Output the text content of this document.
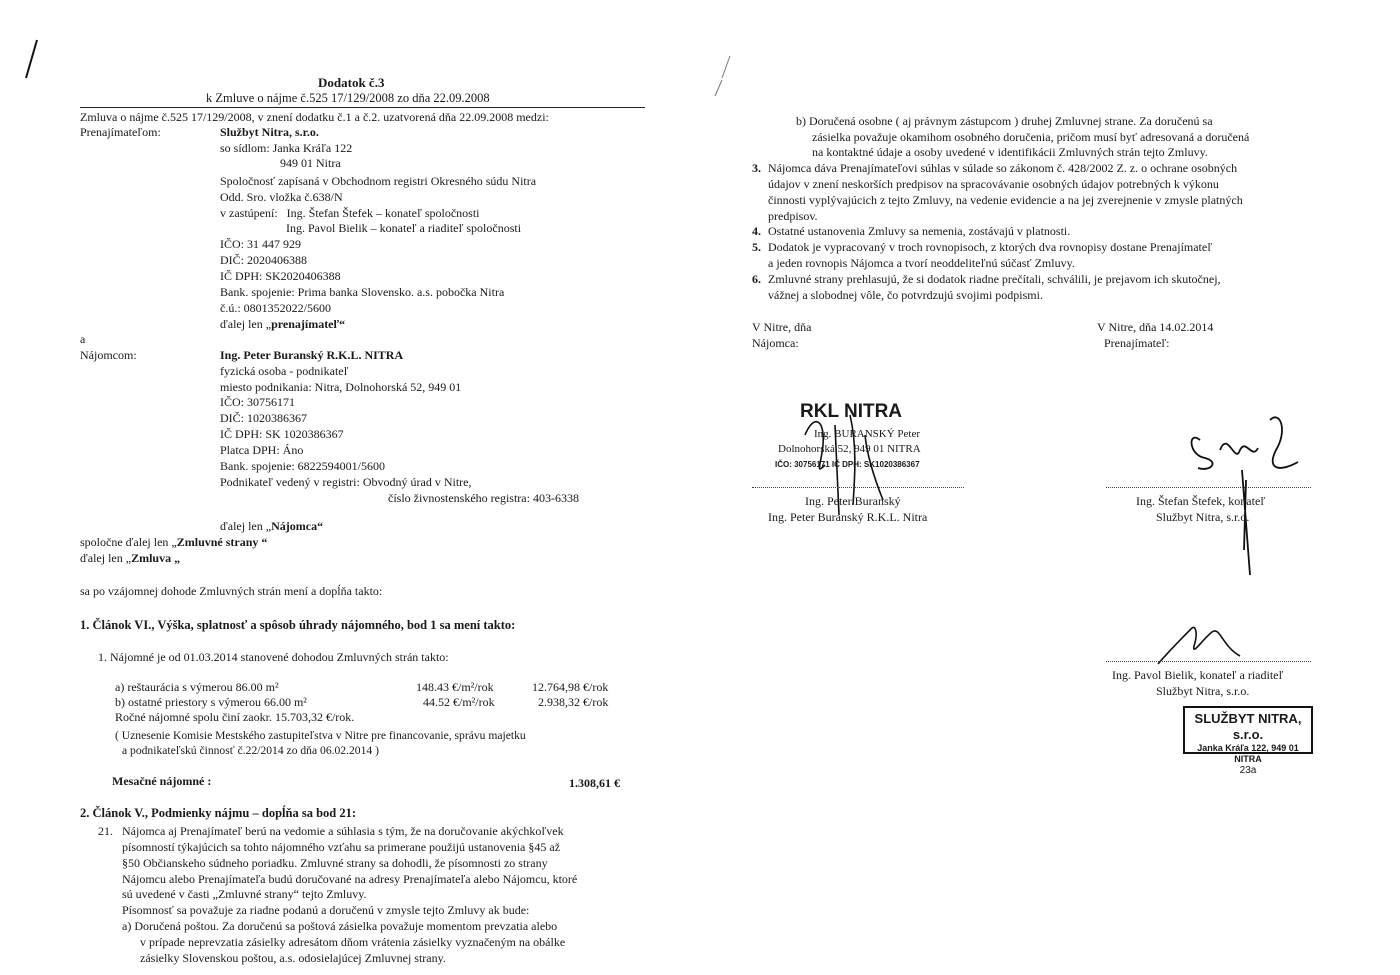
Dodatok č.3
k Zmluve o nájme č.525 17/129/2008 zo dňa 22.09.2008
Zmluva o nájme č.525 17/129/2008, v znení dodatku č.1 a č.2. uzatvorená dňa 22.09.2008 medzi:
Prenajímateľom:	Službyt Nitra, s.r.o.
so sídlom: Janka Kráľa 122
949 01 Nitra
Spoločnosť zapísaná v Obchodnom registri Okresného súdu Nitra
Odd. Sro. vložka č.638/N
v zastúpení:   Ing. Štefan Štefek – konateľ spoločnosti
Ing. Pavol Bielik – konateľ a riaditeľ spoločnosti
IČO: 31 447 929
DIČ: 2020406388
IČ DPH: SK2020406388
Bank. spojenie: Prima banka Slovensko. a.s. pobočka Nitra
č.ú.: 0801352022/5600
ďalej len „prenajímateľ“
a
Nájomcom:	Ing. Peter Buranský R.K.L. NITRA
fyzická osoba - podnikateľ
miesto podnikania: Nitra, Dolnohorská 52, 949 01
IČO: 30756171
DIČ: 1020386367
IČ DPH: SK 1020386367
Platca DPH: Áno
Bank. spojenie: 6822594001/5600
Podnikateľ vedený v registri: Obvodný úrad v Nitre,
číslo živnostenského registra: 403-6338
ďalej len „Nájomca“
spoločne ďalej len „Zmluvné strany “
ďalej len „Zmluva „
sa po vzájomnej dohode Zmluvných strán mení a dopĺňa takto:
1. Článok VI., Výška, splatnosť a spôsob úhrady nájomného, bod 1 sa mení takto:
1. Nájomné je od 01.03.2014 stanovené dohodou Zmluvných strán takto:
a) reštaurácia s výmerou 86.00 m²	148.43 €/m²/rok	12.764,98 €/rok
b) ostatné priestory s výmerou 66.00 m²	44.52 €/m²/rok	2.938,32 €/rok
Ročné nájomné spolu činí zaokr. 15.703,32 €/rok.
( Uznesenie Komisie Mestského zastupiteľstva v Nitre pre financovanie, správu majetku
a podnikateľskú činnosť č.22/2014 zo dňa 06.02.2014 )
Mesačné nájomné :	1.308,61 €
2. Článok V., Podmienky nájmu – dopĺňa sa bod 21:
21. Nájomca aj Prenajímateľ berú na vedomie a súhlasia s tým, že na doručovanie akýchkoľvek
písomností týkajúcich sa tohto nájomného vzťahu sa primerane použijú ustanovenia §45 až
§50 Občianskeho súdneho poriadku. Zmluvné strany sa dohodli, že písomnosti zo strany
Nájomcu alebo Prenajímateľa budú doručované na adresy Prenajímateľa alebo Nájomcu, ktoré
sú uvedené v časti „Zmluvné strany“ tejto Zmluvy.
Písomnosť sa považuje za riadne podanú a doručenú v zmysle tejto Zmluvy ak bude:
a) Doručená poštou. Za doručenú sa poštová zásielka považuje momentom prevzatia alebo
v prípade neprevzatia zásielky adresátom dňom vrátenia zásielky vyznačeným na obálke
zásielky Slovenskou poštou, a.s. odosielajúcej Zmluvnej strany.
b) Doručená osobne ( aj právnym zástupcom ) druhej Zmluvnej strane. Za doručenú sa
zásielka považuje okamihom osobného doručenia, pričom musí byť adresovaná a doručená
na kontaktné údaje a osoby uvedené v identifikácii Zmluvných strán tejto Zmluvy.
3. Nájomca dáva Prenajímateľovi súhlas v súlade so zákonom č. 428/2002 Z. z. o ochrane osobných
údajov v znení neskorších predpisov na spracovávanie osobných údajov potrebných k výkonu
činnosti vyplývajúcich z tejto Zmluvy, na vedenie evidencie a na jej zverejnenie v zmysle platných
predpisov.
4. Ostatné ustanovenia Zmluvy sa nemenia, zostávajú v platnosti.
5. Dodatok je vypracovaný v troch rovnopisoch, z ktorých dva rovnopisy dostane Prenajímateľ
a jeden rovnopis Nájomca a tvorí neoddeliteľnú súčasť Zmluvy.
6. Zmluvné strany prehlasujú, že si dodatok riadne prečítali, schválili, je prejavom ich skutočnej,
vážnej a slobodnej vôle, čo potvrdzujú svojimi podpismi.
V Nitre, dňa
Nájomca:
V Nitre, dňa 14.02.2014
Prenajímateľ:
RKL NITRA
Ing. BURANSKÝ Peter
Dolnohorská 52, 949 01 NITRA
IČO: 30756171 IČ DPH: SK1020386367
Ing. Peter Buranský
Ing. Peter Buranský R.K.L. Nitra
Ing. Štefan Štefek, konateľ
Službyt Nitra, s.r.o.
Ing. Pavol Bielik, konateľ a riaditeľ
Službyt Nitra, s.r.o.
SLUŽBYT NITRA, s.r.o.
Janka Kráľa 122, 949 01 NITRA
23a
